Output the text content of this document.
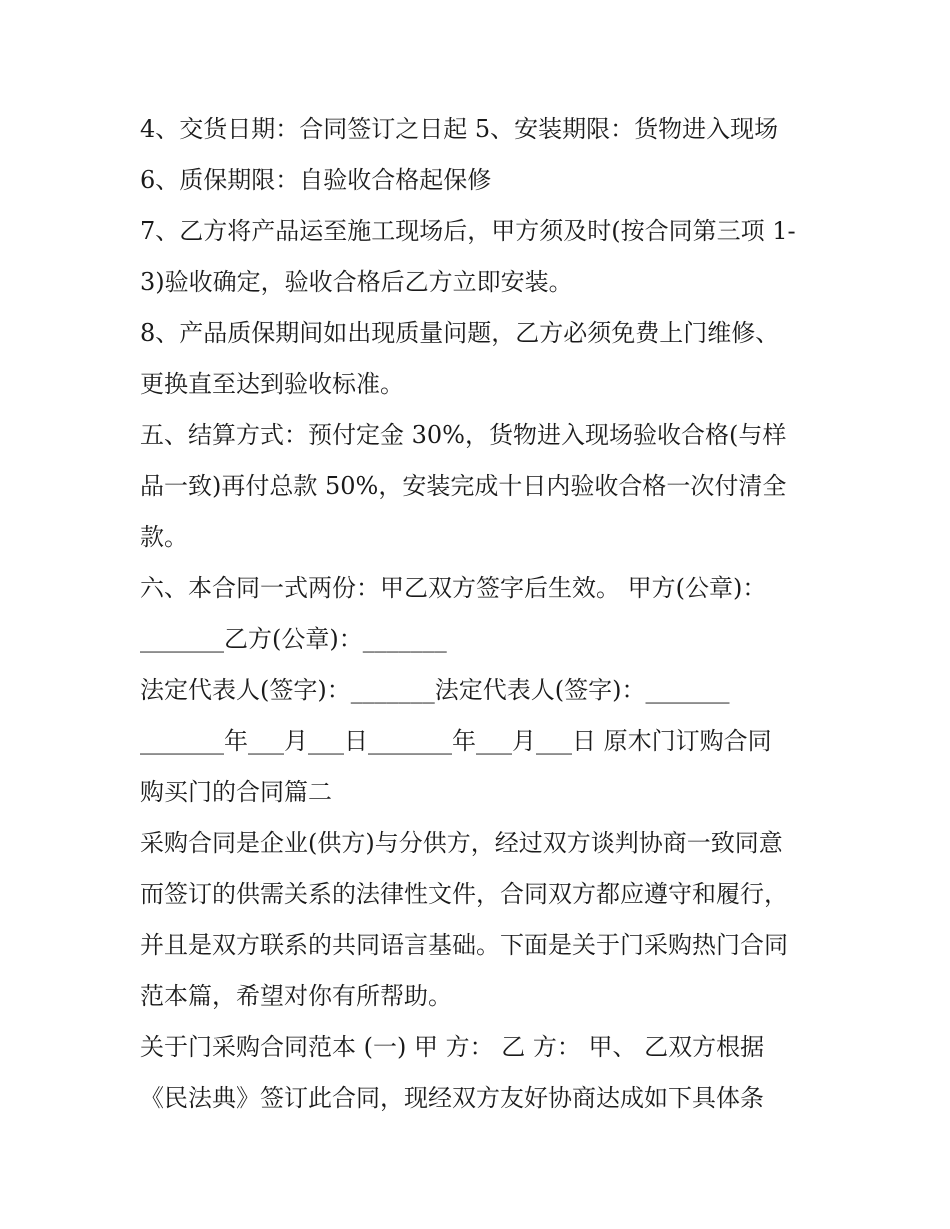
4、交货日期：合同签订之日起 5、安装期限：货物进入现场
6、质保期限：自验收合格起保修
7、乙方将产品运至施工现场后，甲方须及时(按合同第三项 1-
3)验收确定，验收合格后乙方立即安装。
8、产品质保期间如出现质量问题，乙方必须免费上门维修、
更换直至达到验收标准。
五、结算方式：预付定金 30%，货物进入现场验收合格(与样
品一致)再付总款 50%，安装完成十日内验收合格一次付清全
款。
六、本合同一式两份：甲乙双方签字后生效。 甲方(公章)：
_______乙方(公章)：_______
法定代表人(签字)：_______法定代表人(签字)：_______
_______年___月___日_______年___月___日 原木门订购合同
购买门的合同篇二
采购合同是企业(供方)与分供方，经过双方谈判协商一致同意
而签订的供需关系的法律性文件，合同双方都应遵守和履行，
并且是双方联系的共同语言基础。下面是关于门采购热门合同
范本篇，希望对你有所帮助。
关于门采购合同范本 (一) 甲 方： 乙 方： 甲、 乙双方根据
《民法典》签订此合同，现经双方友好协商达成如下具体条
